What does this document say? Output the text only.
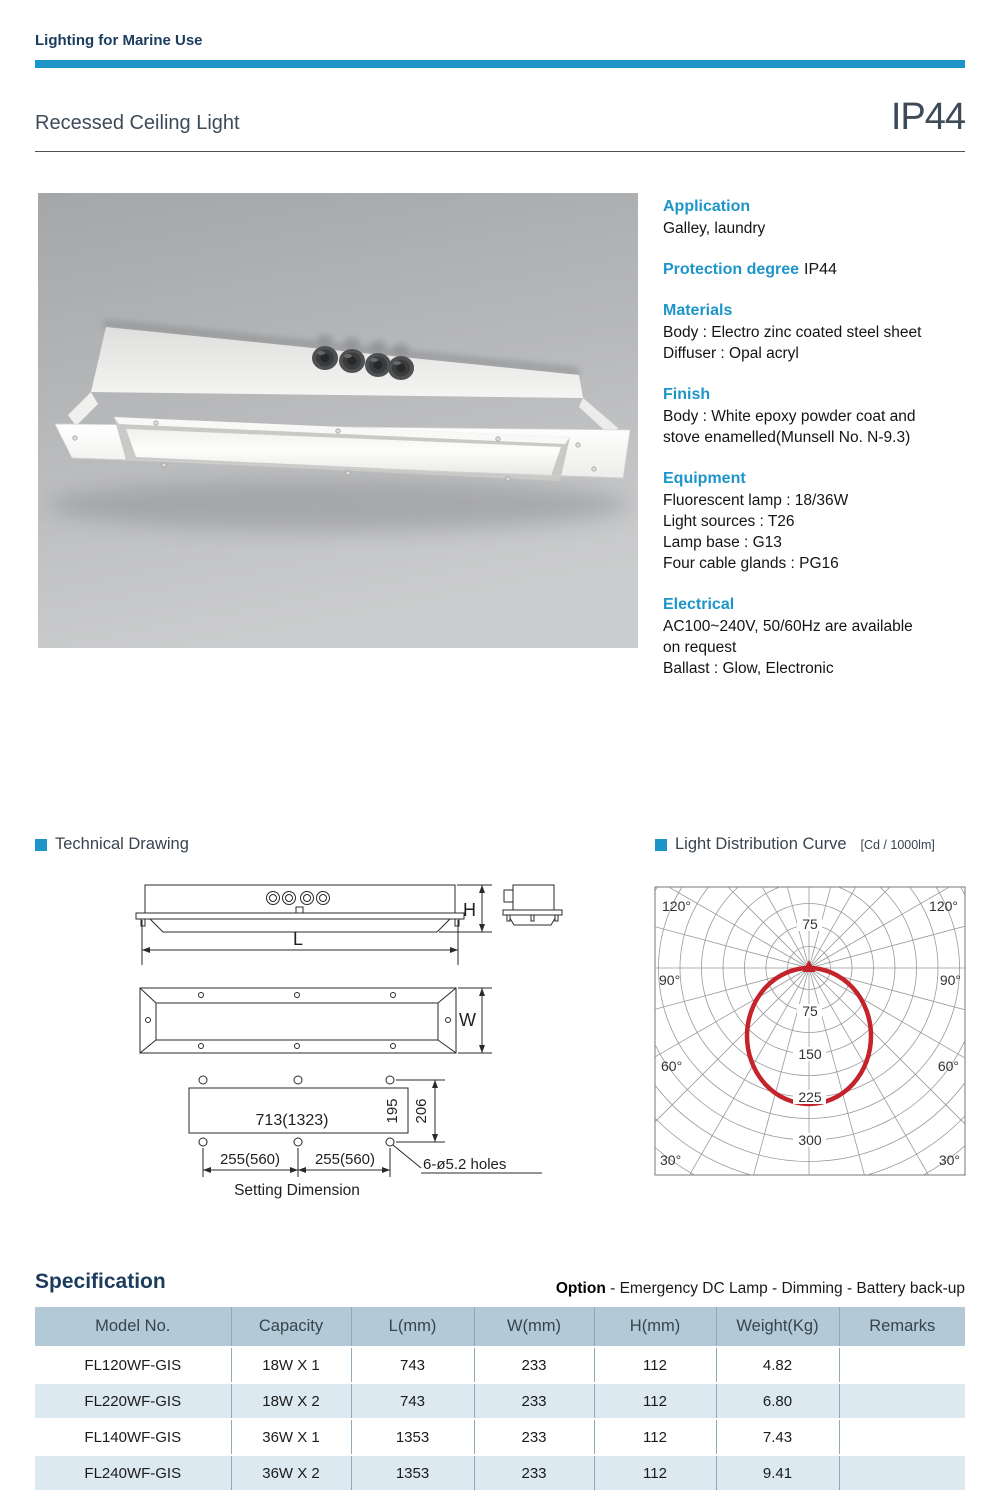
Lighting for Marine Use
Recessed Ceiling Light	IP44
Application
Galley, laundry
Protection degree IP44
Materials
Body : Electro zinc coated steel sheet
Diffuser : Opal acryl
Finish
Body : White epoxy powder coat and
stove enamelled(Munsell No. N-9.3)
Equipment
Fluorescent lamp : 18/36W
Light sources : T26
Lamp base : G13
Four cable glands : PG16
Electrical
AC100~240V, 50/60Hz are available
on request
Ballast : Glow, Electronic
Technical Drawing	Light Distribution Curve [Cd / 1000lm]
H
L
W
713(1323)	195 206
255(560) 255(560)	6-ø5.2 holes
Setting Dimension
75
75
150
225
300
120°	120°
90°	90°
60°	60°
30°	30°
Specification	Option - Emergency DC Lamp - Dimming - Battery back-up
Model No.	Capacity	L(mm)	W(mm)	H(mm)	Weight(Kg)	Remarks
FL120WF-GIS	18W X 1	743	233	112	4.82	
FL220WF-GIS	18W X 2	743	233	112	6.80	
FL140WF-GIS	36W X 1	1353	233	112	7.43	
FL240WF-GIS	36W X 2	1353	233	112	9.41	
